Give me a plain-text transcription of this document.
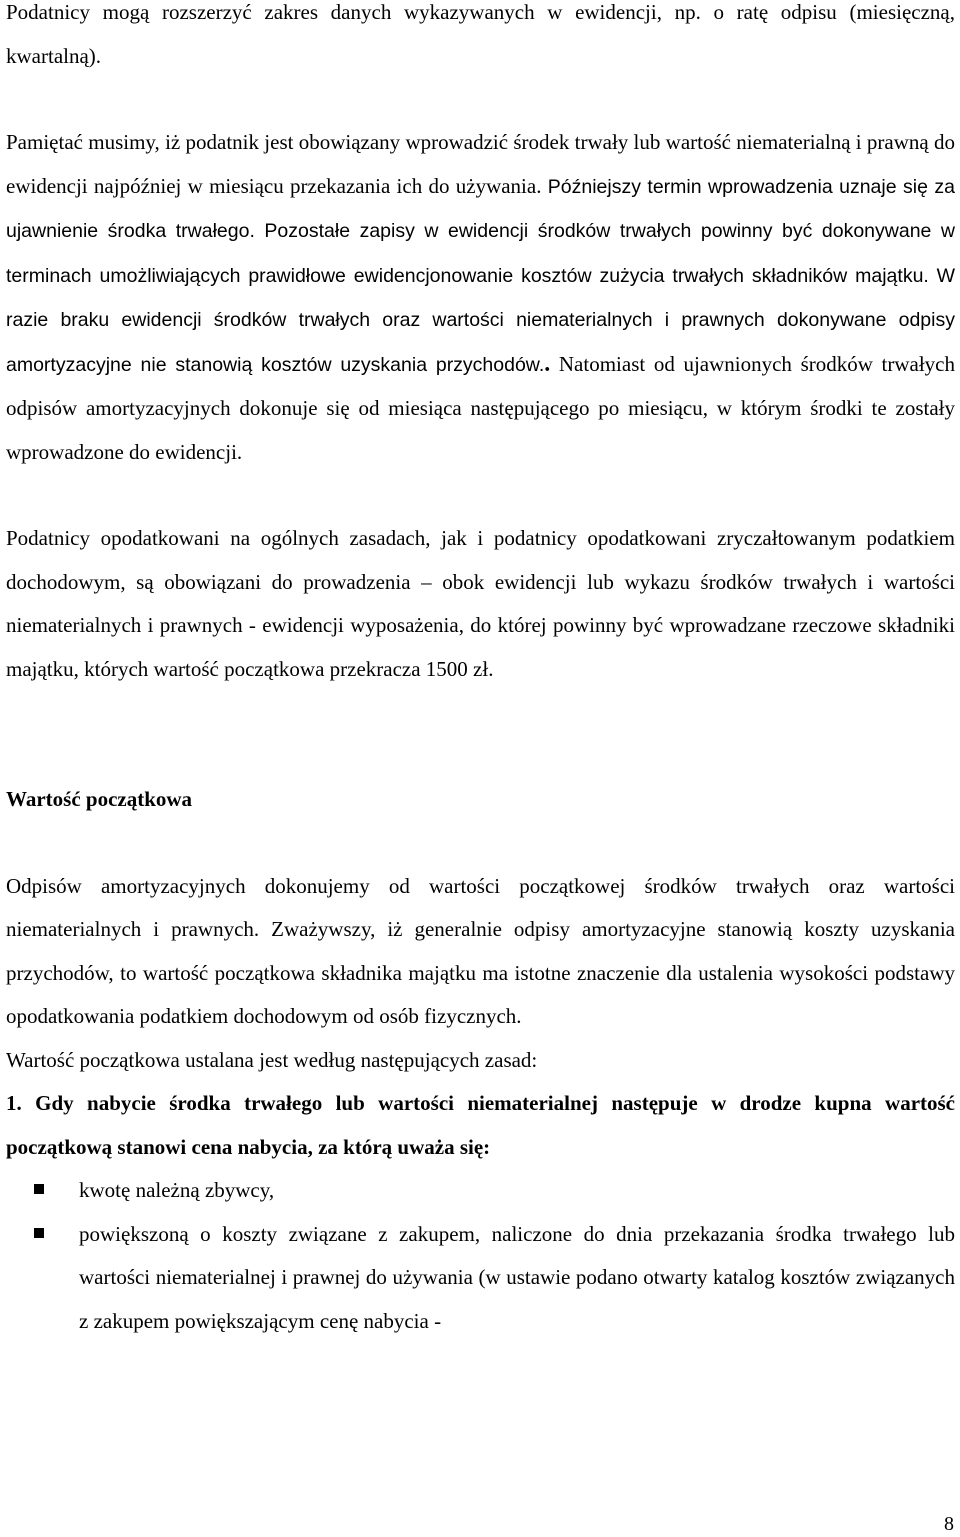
Podatnicy mogą rozszerzyć zakres danych wykazywanych w ewidencji, np. o ratę odpisu (miesięczną, kwartalną).

Pamiętać musimy, iż podatnik jest obowiązany wprowadzić środek trwały lub wartość niematerialną i prawną do ewidencji najpóźniej w miesiącu przekazania ich do używania. Późniejszy termin wprowadzenia uznaje się za ujawnienie środka trwałego. Pozostałe zapisy w ewidencji środków trwałych powinny być dokonywane w terminach umożliwiających prawidłowe ewidencjonowanie kosztów zużycia trwałych składników majątku. W razie braku ewidencji środków trwałych oraz wartości niematerialnych i prawnych dokonywane odpisy amortyzacyjne nie stanowią kosztów uzyskania przychodów.. Natomiast od ujawnionych środków trwałych odpisów amortyzacyjnych dokonuje się od miesiąca następującego po miesiącu, w którym środki te zostały wprowadzone do ewidencji.

Podatnicy opodatkowani na ogólnych zasadach, jak i podatnicy opodatkowani zryczałtowanym podatkiem dochodowym, są obowiązani do prowadzenia – obok ewidencji lub wykazu środków trwałych i wartości niematerialnych i prawnych - ewidencji wyposażenia, do której powinny być wprowadzane rzeczowe składniki majątku, których wartość początkowa przekracza 1500 zł.

Wartość początkowa

Odpisów amortyzacyjnych dokonujemy od wartości początkowej środków trwałych oraz wartości niematerialnych i prawnych. Zważywszy, iż generalnie odpisy amortyzacyjne stanowią koszty uzyskania przychodów, to wartość początkowa składnika majątku ma istotne znaczenie dla ustalenia wysokości podstawy opodatkowania podatkiem dochodowym od osób fizycznych.

Wartość początkowa ustalana jest według następujących zasad:

1. Gdy nabycie środka trwałego lub wartości niematerialnej następuje w drodze kupna wartość początkową stanowi cena nabycia, za którą uważa się:

kwotę należną zbywcy,
powiększoną o koszty związane z zakupem, naliczone do dnia przekazania środka trwałego lub wartości niematerialnej i prawnej do używania (w ustawie podano otwarty katalog kosztów związanych z zakupem powiększającym cenę nabycia -
8
